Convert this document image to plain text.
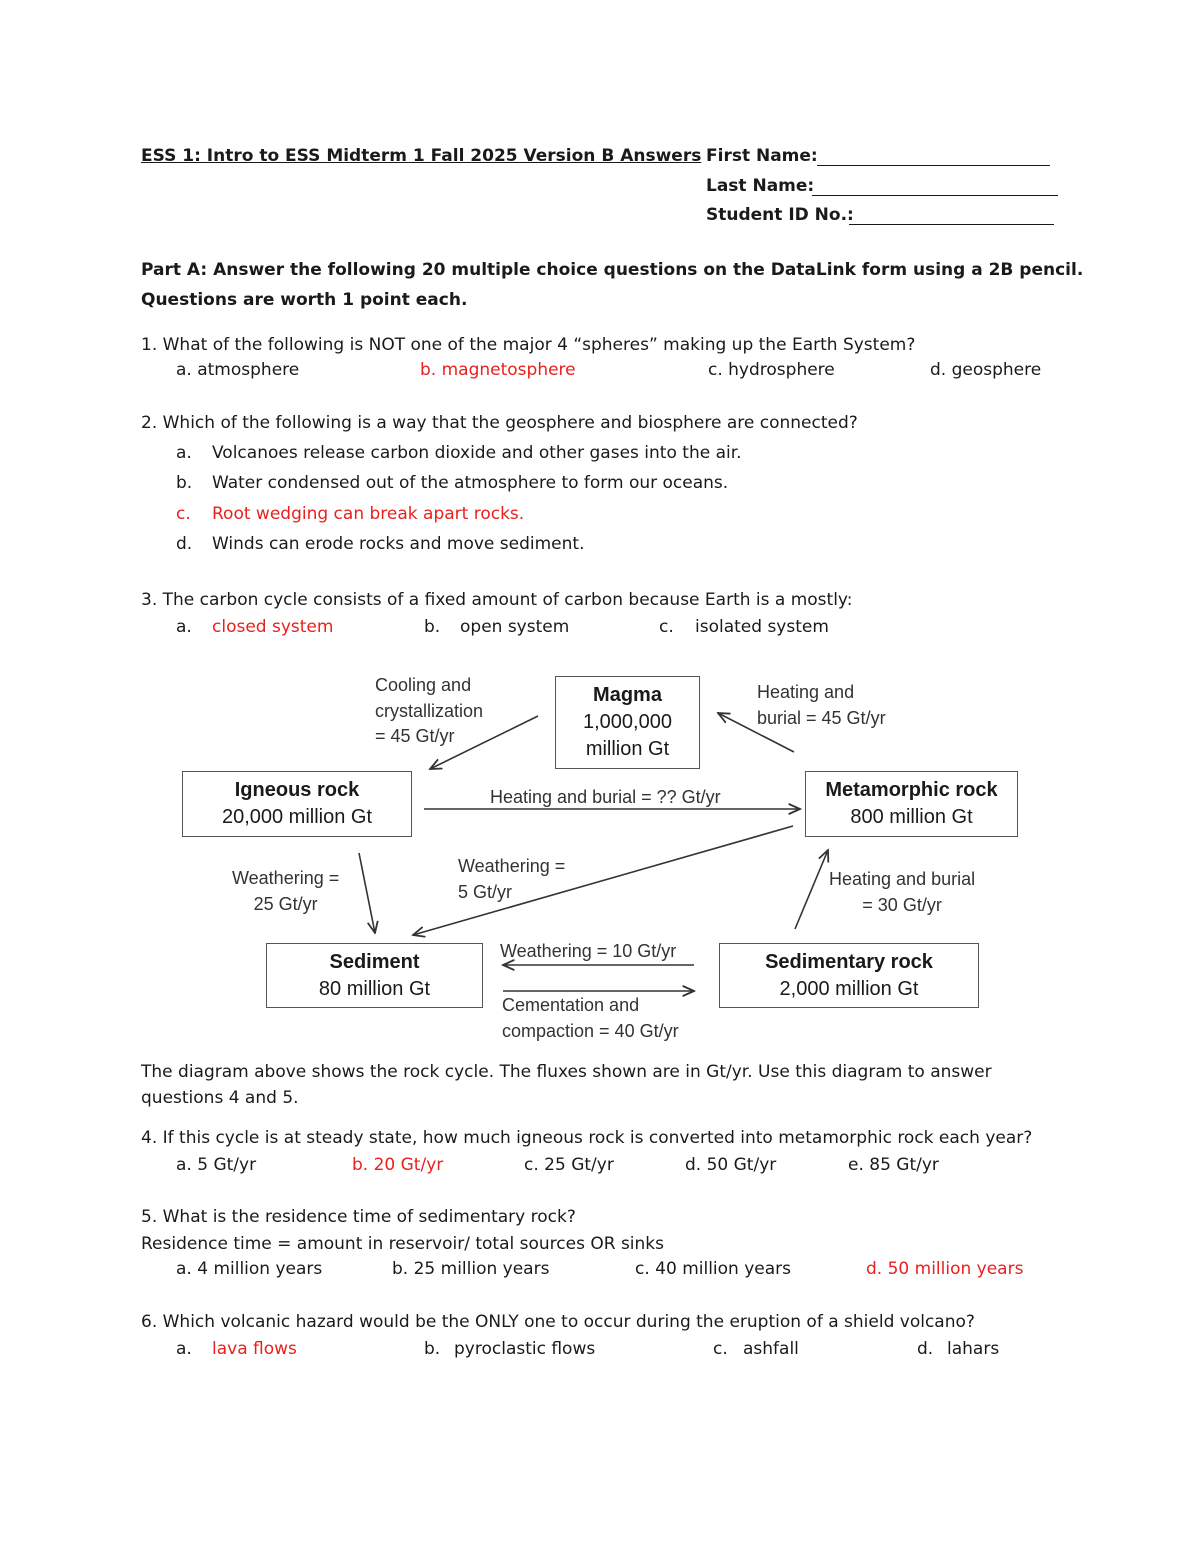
ESS 1: Intro to ESS Midterm 1 Fall 2025 Version B Answers First Name:
Last Name:
Student ID No.:
Part A: Answer the following 20 multiple choice questions on the DataLink form using a 2B pencil.
Questions are worth 1 point each.
1. What of the following is NOT one of the major 4 “spheres” making up the Earth System?
a. atmosphere	b. magnetosphere	c. hydrosphere	d. geosphere
2. Which of the following is a way that the geosphere and biosphere are connected?
a. Volcanoes release carbon dioxide and other gases into the air.
b. Water condensed out of the atmosphere to form our oceans.
c. Root wedging can break apart rocks.
d. Winds can erode rocks and move sediment.
3. The carbon cycle consists of a fixed amount of carbon because Earth is a mostly:
a. closed system	b. open system	c. isolated system
Magma
1,000,000
million Gt
Igneous rock
20,000 million Gt
Metamorphic rock
800 million Gt
Sediment
80 million Gt
Sedimentary rock
2,000 million Gt
Cooling and
crystallization
= 45 Gt/yr
Heating and
burial = 45 Gt/yr
Heating and burial = ?? Gt/yr
Weathering =
25 Gt/yr
Weathering =
5 Gt/yr
Heating and burial
= 30 Gt/yr
Weathering = 10 Gt/yr
Cementation and
compaction = 40 Gt/yr
The diagram above shows the rock cycle. The fluxes shown are in Gt/yr. Use this diagram to answer
questions 4 and 5.
4. If this cycle is at steady state, how much igneous rock is converted into metamorphic rock each year?
a. 5 Gt/yr	b. 20 Gt/yr	c. 25 Gt/yr	d. 50 Gt/yr	e. 85 Gt/yr
5. What is the residence time of sedimentary rock?
Residence time = amount in reservoir/ total sources OR sinks
a. 4 million years	b. 25 million years	c. 40 million years	d. 50 million years
6. Which volcanic hazard would be the ONLY one to occur during the eruption of a shield volcano?
a. lava flows	b. pyroclastic flows	c. ashfall	d. lahars
